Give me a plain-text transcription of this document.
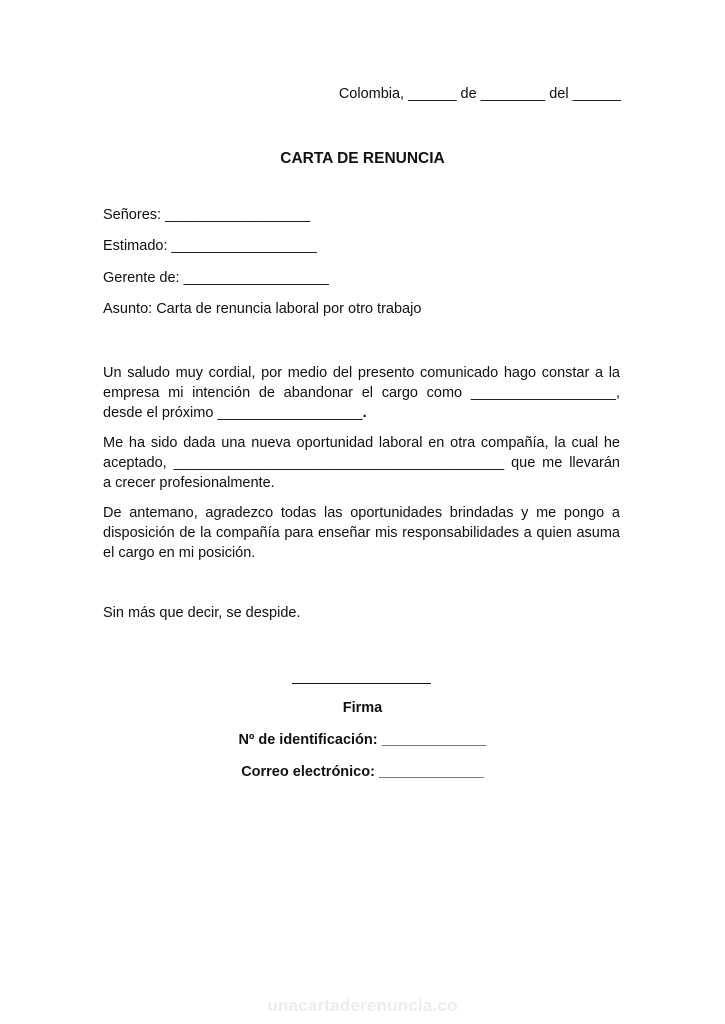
Colombia, ______ de ________ del ______
CARTA DE RENUNCIA
Señores: __________________
Estimado: __________________
Gerente de: __________________
Asunto: Carta de renuncia laboral por otro trabajo
Un saludo muy cordial, por medio del presento comunicado hago constar a la empresa mi intención de abandonar el cargo como __________________, desde el próximo __________________.
Me ha sido dada una nueva oportunidad laboral en otra compañía, la cual he aceptado, _________________________________________ que me llevarán a crecer profesionalmente.
De antemano, agradezco todas las oportunidades brindadas y me pongo a disposición de la compañía para enseñar mis responsabilidades a quien asuma el cargo en mi posición.
Sin más que decir, se despide.
Firma
Nº de identificación: _____________
Correo electrónico: _____________
unacartaderenuncia.co
